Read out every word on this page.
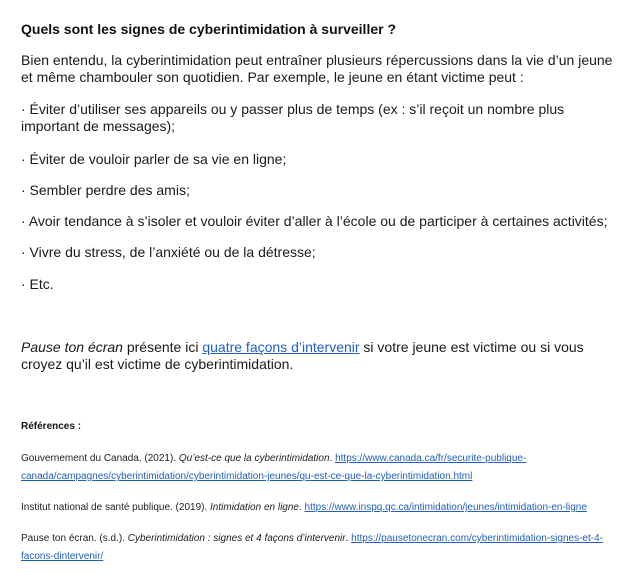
Quels sont les signes de cyberintimidation à surveiller ?

Bien entendu, la cyberintimidation peut entraîner plusieurs répercussions dans la vie d’un jeune et même chambouler son quotidien. Par exemple, le jeune en étant victime peut :

· Éviter d’utiliser ses appareils ou y passer plus de temps (ex : s’il reçoit un nombre plus important de messages);

· Éviter de vouloir parler de sa vie en ligne;

· Sembler perdre des amis;

· Avoir tendance à s’isoler et vouloir éviter d’aller à l’école ou de participer à certaines activités;

· Vivre du stress, de l’anxiété ou de la détresse;

· Etc.

Pause ton écran présente ici quatre façons d’intervenir si votre jeune est victime ou si vous croyez qu’il est victime de cyberintimidation.

Références :

Gouvernement du Canada. (2021). Qu’est-ce que la cyberintimidation. https://www.canada.ca/fr/securite-publique-canada/campagnes/cyberintimidation/cyberintimidation-jeunes/qu-est-ce-que-la-cyberintimidation.html

Institut national de santé publique. (2019). Intimidation en ligne. https://www.inspq.qc.ca/intimidation/jeunes/intimidation-en-ligne

Pause ton écran. (s.d.). Cyberintimidation : signes et 4 façons d’intervenir. https://pausetonecran.com/cyberintimidation-signes-et-4-facons-dintervenir/
